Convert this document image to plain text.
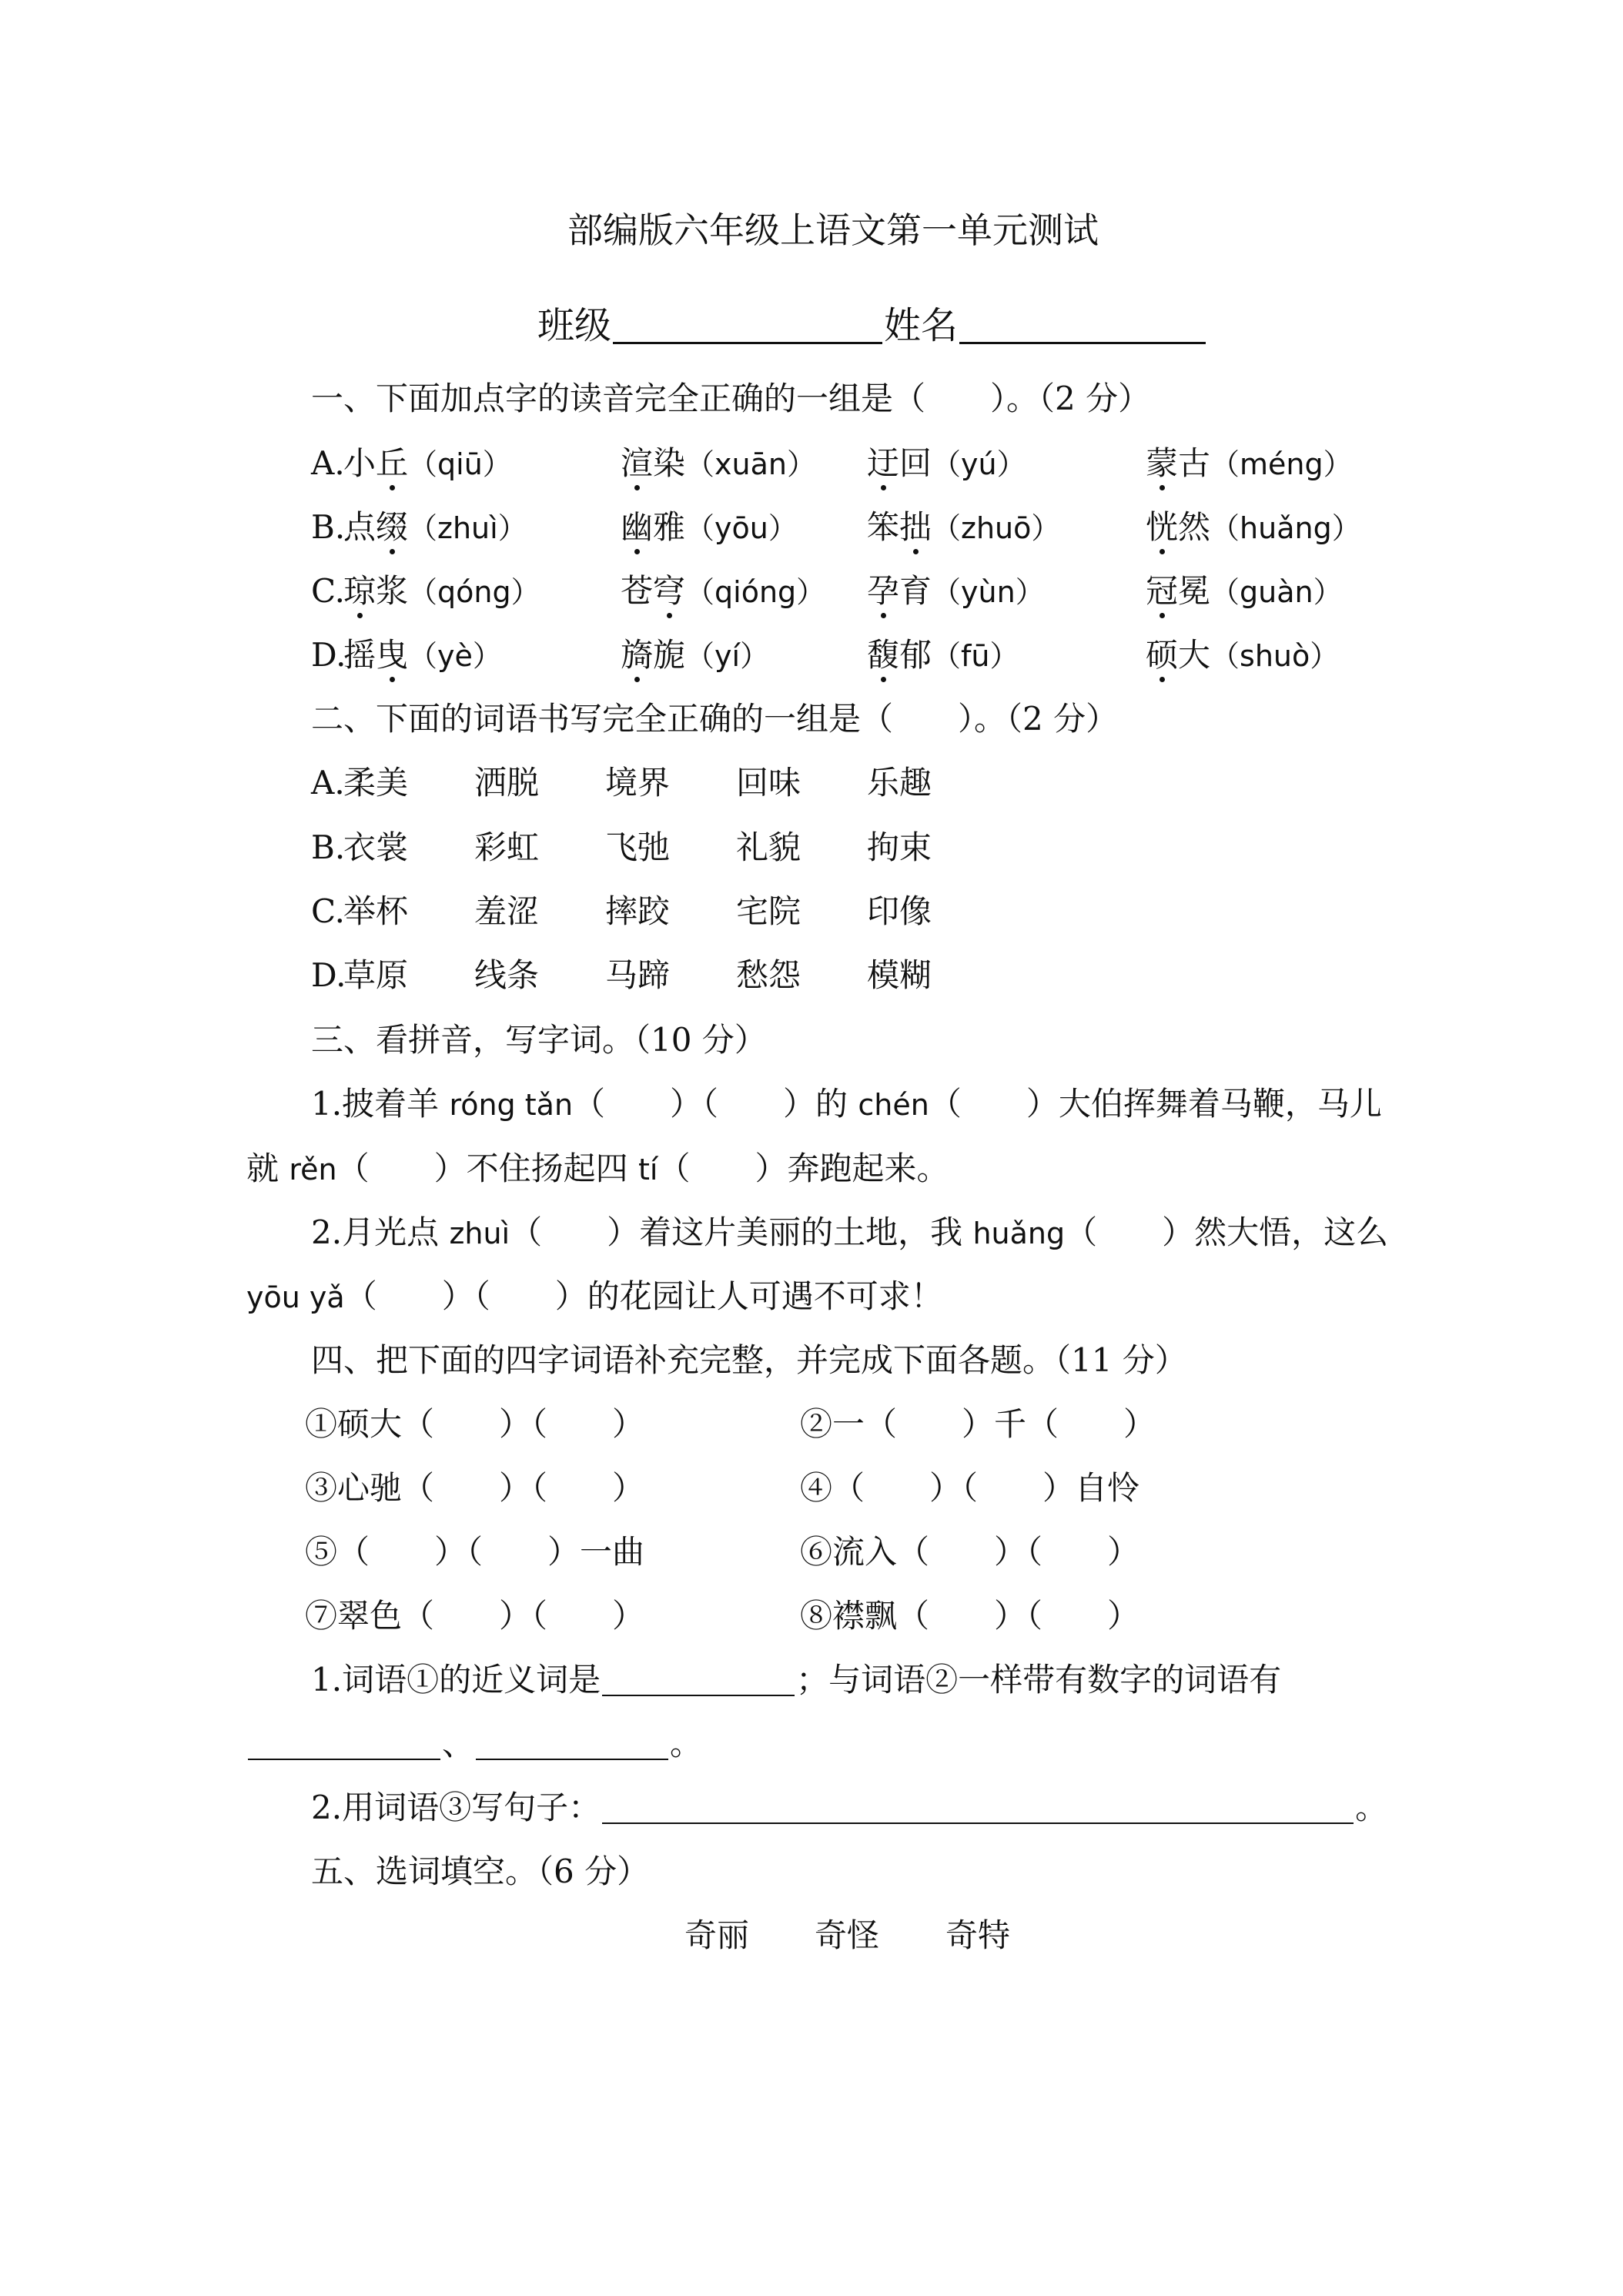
部编版六年级上语文第一单元测试
班级	姓名
一、下面加点字的读音完全正确的一组是（　　）。（2 分）
A.
小丘（qiū）	渲染（xuān） 迂回（yú）	蒙古（méng）
B.
点缀（zhuì）	幽雅（yōu） 笨拙（zhuō）	恍然（huǎng）
C.
琼浆（qóng） 苍穹（qióng） 孕育（yùn）	冠冕（guàn）
D.
摇曳（yè）	旖旎（yí）	馥郁（fū）	硕大（shuò）
二、下面的词语书写完全正确的一组是（　　）。（2 分）
A.
柔美 洒脱 境界 回味 乐趣
B.
衣裳 彩虹 飞弛 礼貌 拘束
C.
举杯 羞涩 摔跤 宅院 印像
D.
草原 线条 马蹄 愁怨 模糊
三、看拼音，写字词。（10 分）
1.披着羊 róng tǎn（　　）（　　）的 chén（　　）大伯挥舞着马鞭，马儿
就 rěn（　　）不住扬起四 tí（　　）奔跑起来。
2.月光点 zhuì（　　）着这片美丽的土地，我 huǎng（　　）然大悟，这么
yōu yǎ（　　）（　　）的花园让人可遇不可求！
四、把下面的四字词语补充完整，并完成下面各题。（11 分）
①硕大（　　）（　　）	②一（　　）千（　　）
③心驰（　　）（　　）	④（　　）（　　）自怜
⑤（　　）（　　）一曲	⑥流入（　　）（　　）
⑦翠色（　　）（　　）	⑧襟飘（　　）（　　）
1.词语①的近义词是	；与词语②一样带有数字的词语有
、	。
2.用词语③写句子：	。
五、选词填空。（6 分）
奇丽 奇怪 奇特
